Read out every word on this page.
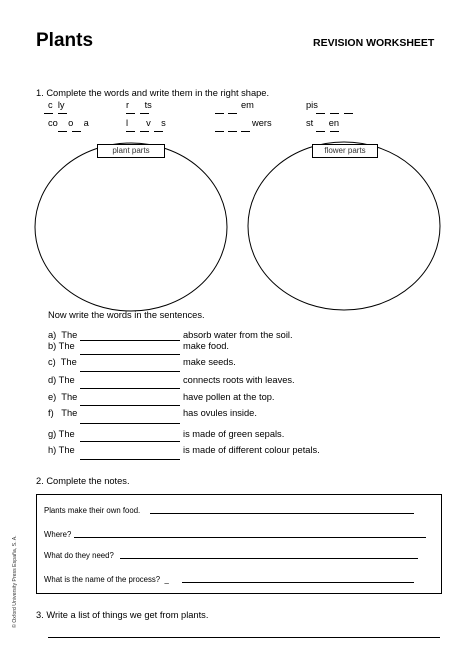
Plants	REVISION WORKSHEET
1. Complete the words and write them in the right shape.
c  ly	r      ts	em	pis
co    o    a	l       v    s	wers	st      en
plant parts	flower parts
Now write the words in the sentences.
a)  The	absorb water from the soil.
b) The	make food.
c)  The	make seeds.
d) The	connects roots with leaves.
e)  The	have pollen at the top.
f)   The	has ovules inside.
g) The	is made of green sepals.
h) The	is made of different colour petals.
2. Complete the notes.
Plants make their own food.
Where?
What do they need?
What is the name of the process?  _
3. Write a list of things we get from plants.
© Oxford University Press España, S. A.
